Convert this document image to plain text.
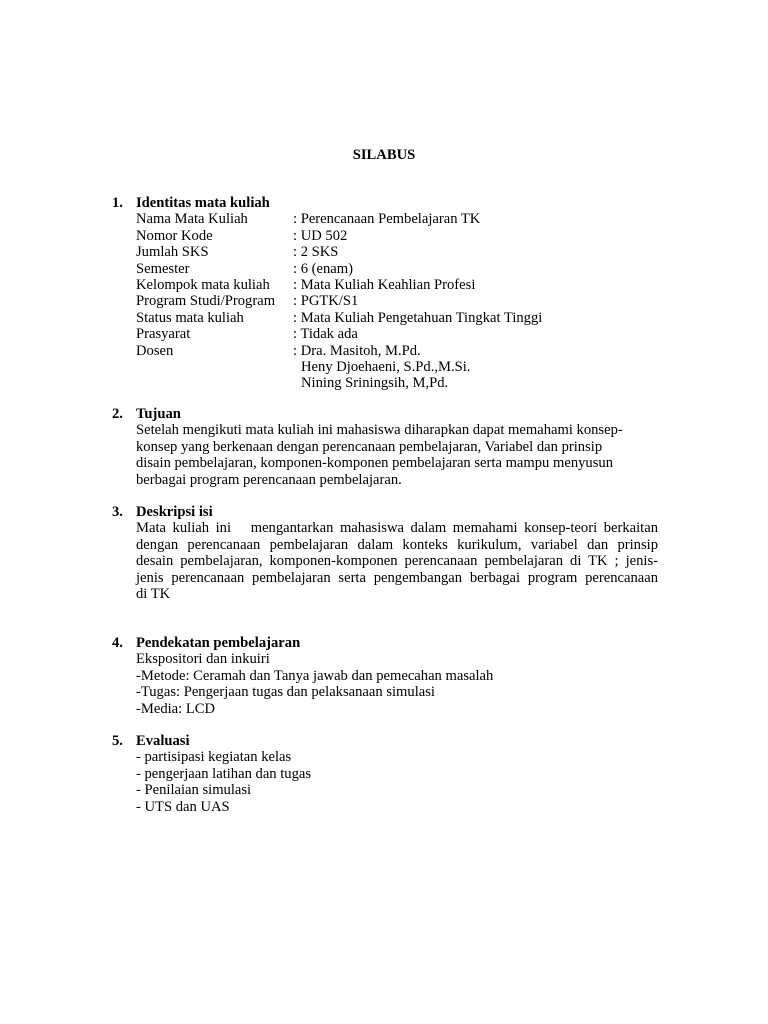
SILABUS
1. Identitas mata kuliah
Nama Mata Kuliah	: Perencanaan Pembelajaran TK
Nomor Kode	: UD 502
Jumlah SKS	: 2 SKS
Semester	: 6 (enam)
Kelompok mata kuliah	: Mata Kuliah Keahlian Profesi
Program Studi/Program	: PGTK/S1
Status mata kuliah	: Mata Kuliah Pengetahuan Tingkat Tinggi
Prasyarat	: Tidak ada
Dosen	: Dra. Masitoh, M.Pd.
Heny Djoehaeni, S.Pd.,M.Si.
Nining Sriningsih, M,Pd.
2. Tujuan
Setelah mengikuti mata kuliah ini mahasiswa diharapkan dapat memahami konsep-
konsep yang berkenaan dengan perencanaan pembelajaran, Variabel dan prinsip
disain pembelajaran, komponen-komponen pembelajaran serta mampu menyusun
berbagai program perencanaan pembelajaran.
3. Deskripsi isi
Mata kuliah ini   mengantarkan mahasiswa dalam memahami konsep-teori berkaitan
dengan perencanaan pembelajaran dalam konteks kurikulum, variabel dan prinsip
desain pembelajaran, komponen-komponen perencanaan pembelajaran di TK ; jenis-
jenis perencanaan pembelajaran serta pengembangan berbagai program perencanaan
di TK
4. Pendekatan pembelajaran
Ekspositori dan inkuiri
-Metode: Ceramah dan Tanya jawab dan pemecahan masalah
-Tugas: Pengerjaan tugas dan pelaksanaan simulasi
-Media: LCD
5. Evaluasi
- partisipasi kegiatan kelas
- pengerjaan latihan dan tugas
- Penilaian simulasi
- UTS dan UAS
